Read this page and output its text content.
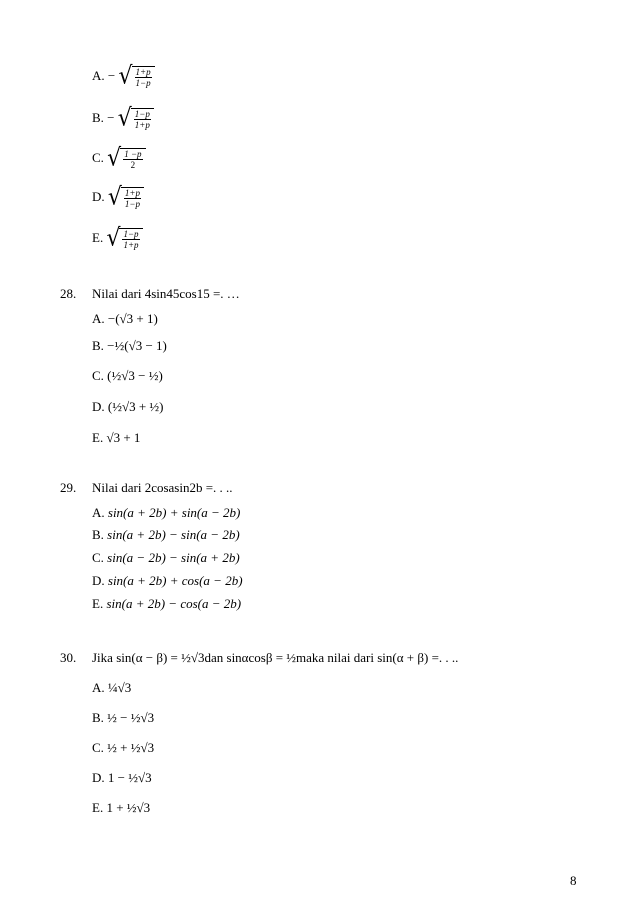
A. − √ $\frac{1+p}{1-p}$
B. − √ $\frac{1-p}{1+p}$
C. √ $\frac{1 -p}{2}$
D. √ $\frac{1+p}{1-p}$
E. √ $\frac{1-p}{1+p}$
28. Nilai dari 4sin45cos15 =. …
A. −(√3 + 1)
B. −½(√3 − 1)
C. (½√3 − ½)
D. (½√3 + ½)
E. √3 + 1
29. Nilai dari 2cosasin2b =. . ..
A. sin(a + 2b) + sin(a − 2b)
B. sin(a + 2b) − sin(a − 2b)
C. sin(a − 2b) − sin(a + 2b)
D. sin(a + 2b) + cos(a − 2b)
E. sin(a + 2b) − cos(a − 2b)
30. Jika sin(α − β) = ½√3dan sinαcosβ = ½maka nilai dari sin(α + β) =. . ..
A. ¼√3
B. ½ − ½√3
C. ½ + ½√3
D. 1 − ½√3
E. 1 + ½√3
8
